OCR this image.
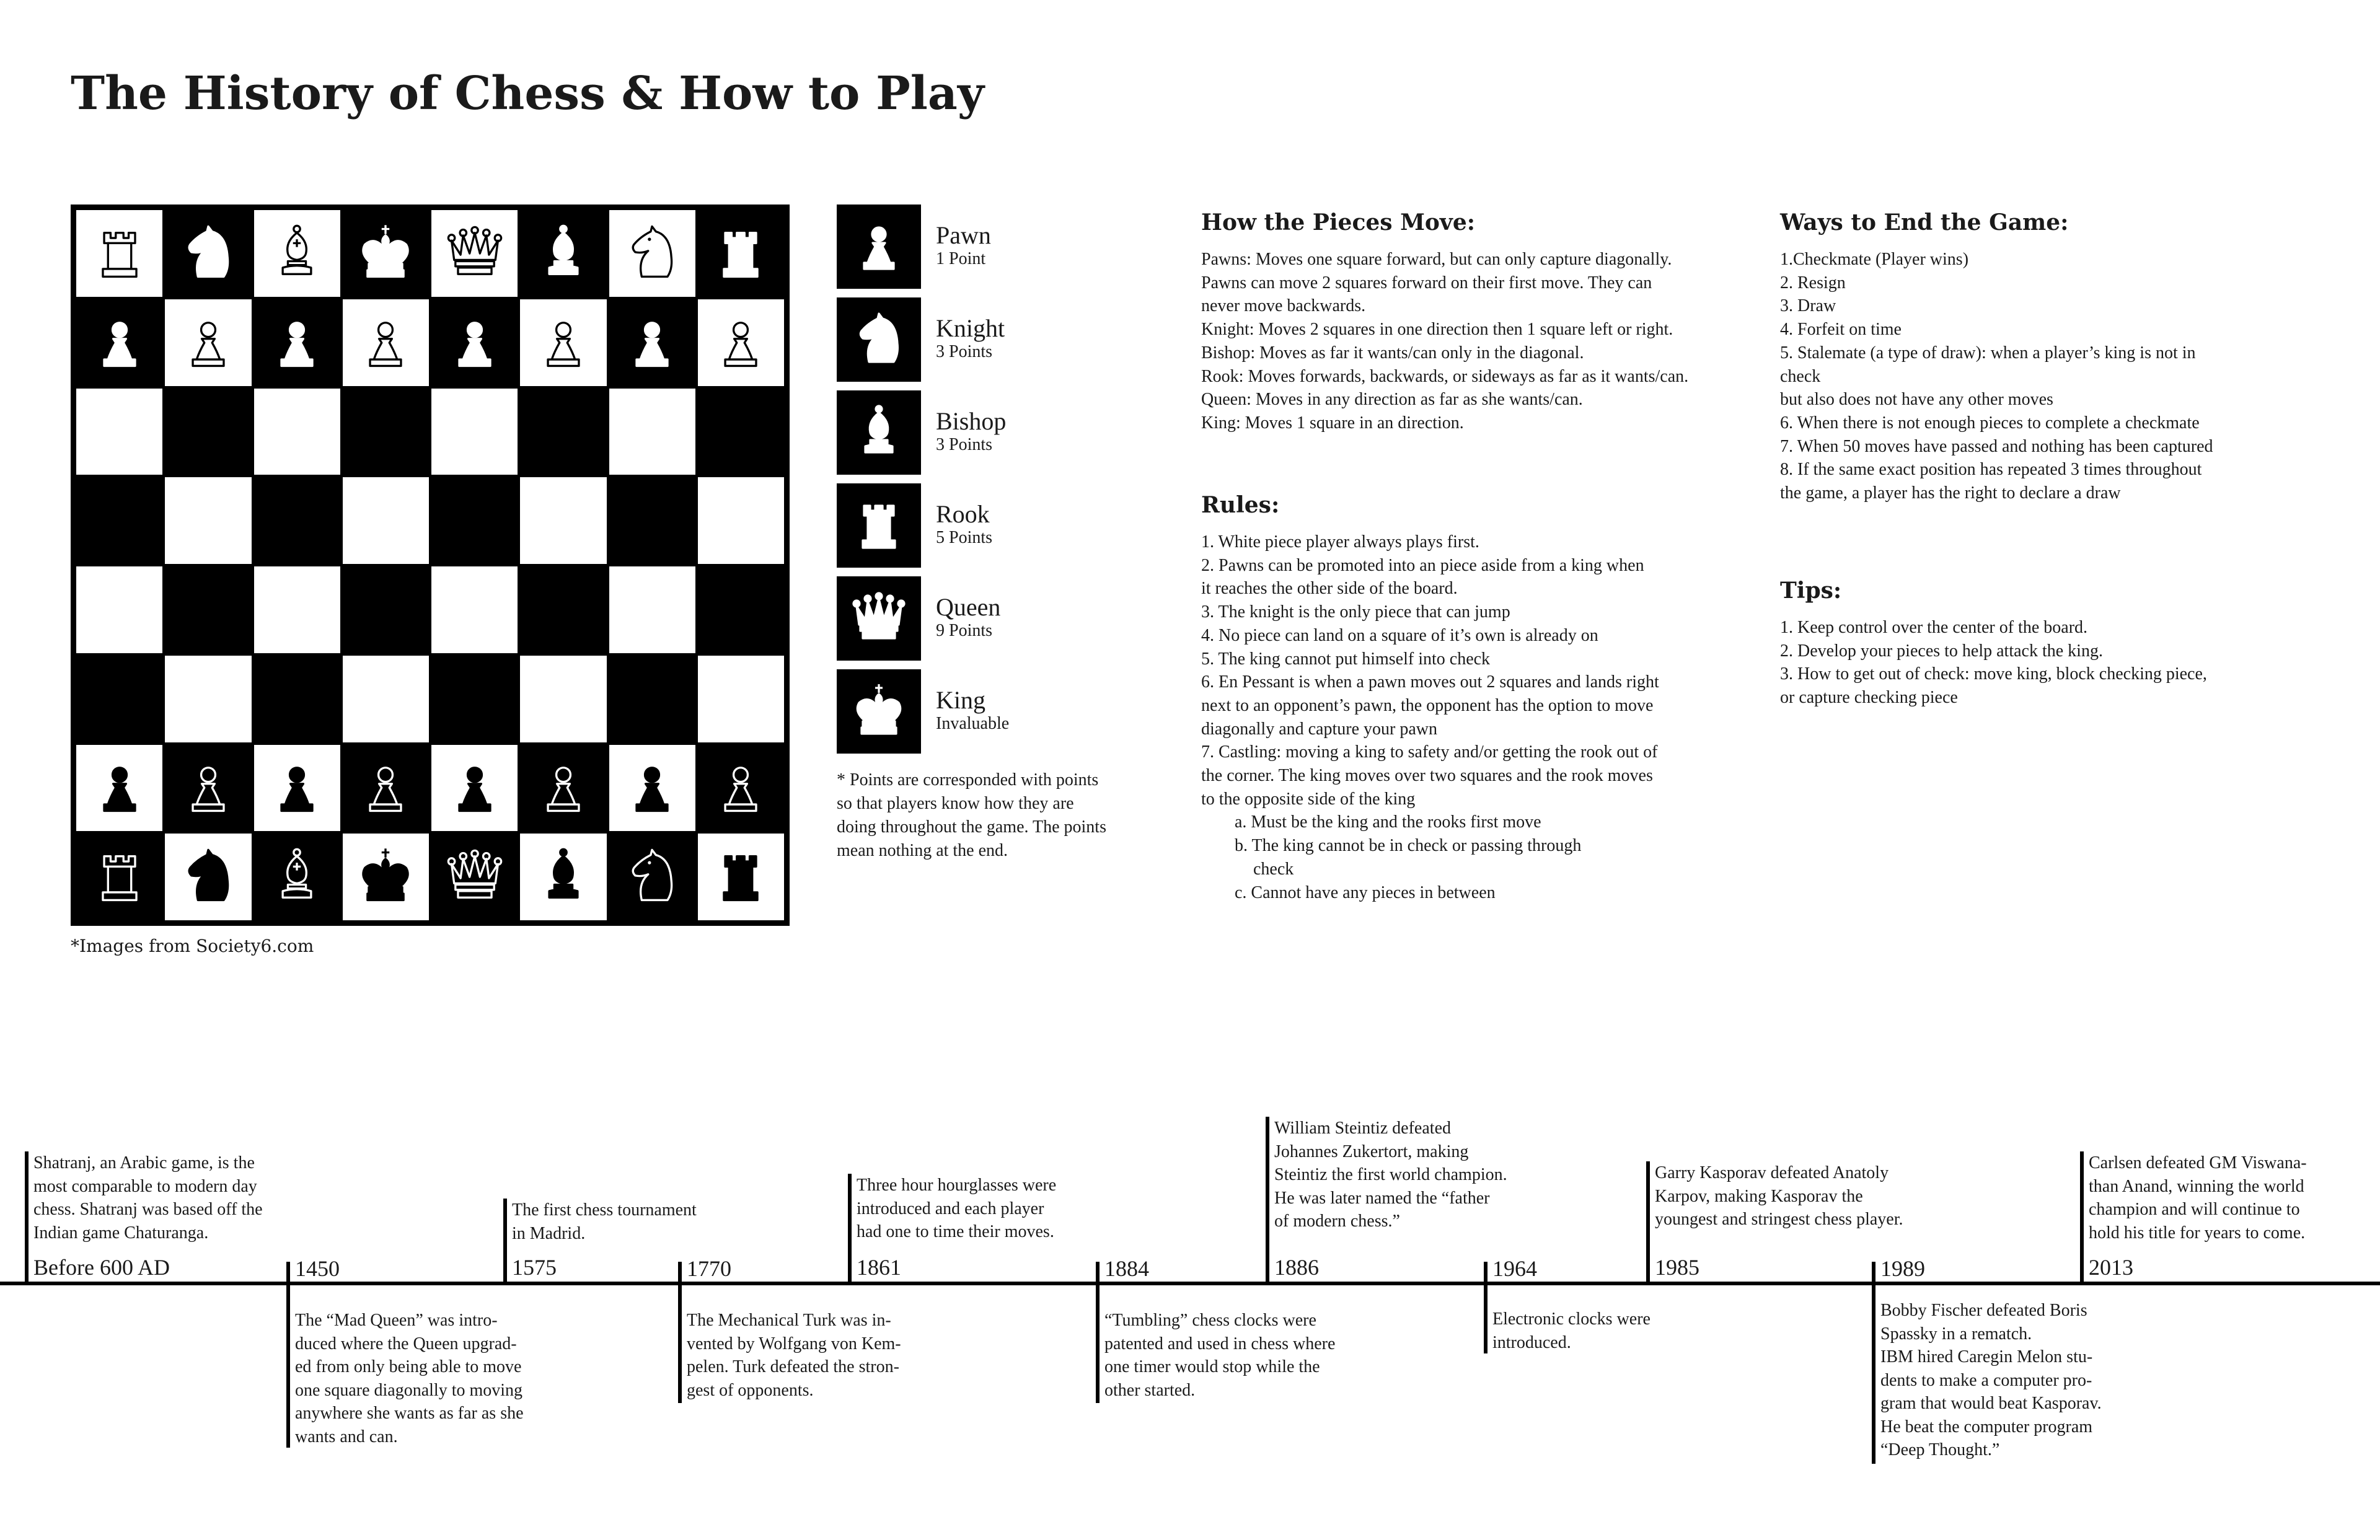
The History of Chess & How to Play
*Images from Society6.com
Pawn
1 Point
Knight
3 Points
Bishop
3 Points
Rook
5 Points
Queen
9 Points
King
Invaluable
* Points are corresponded with points so that players know how they are doing throughout the game. The points mean nothing at the end.
How the Pieces Move:
Pawns: Moves one square forward, but can only capture diagonally.
Pawns can move 2 squares forward on their first move. They can
never move backwards.
Knight: Moves 2 squares in one direction then 1 square left or right.
Bishop: Moves as far it wants/can only in the diagonal.
Rook: Moves forwards, backwards, or sideways as far as it wants/can.
Queen: Moves in any direction as far as she wants/can.
King: Moves 1 square in an direction.
Rules:
1. White piece player always plays first.
2. Pawns can be promoted into an piece aside from a king when
it reaches the other side of the board.
3. The knight is the only piece that can jump
4. No piece can land on a square of it’s own is already on
5. The king cannot put himself into check
6. En Pessant is when a pawn moves out 2 squares and lands right
next to an opponent’s pawn, the opponent has the option to move
diagonally and capture your pawn
7. Castling: moving a king to safety and/or getting the rook out of
the corner. The king moves over two squares and the rook moves
to the opposite side of the king
a. Must be the king and the rooks first move
b. The king cannot be in check or passing through
check
c. Cannot have any pieces in between
Ways to End the Game:
1.Checkmate (Player wins)
2. Resign
3. Draw
4. Forfeit on time
5. Stalemate (a type of draw): when a player’s king is not in
check
but also does not have any other moves
6. When there is not enough pieces to complete a checkmate
7. When 50 moves have passed and nothing has been captured
8. If the same exact position has repeated 3 times throughout
the game, a player has the right to declare a draw
Tips:
1. Keep control over the center of the board.
2. Develop your pieces to help attack the king.
3. How to get out of check: move king, block checking piece,
or capture checking piece
Before 600 AD
Shatranj, an Arabic game, is the
most comparable to modern day
chess. Shatranj was based off the
Indian game Chaturanga.
1450
The “Mad Queen” was intro-
duced where the Queen upgrad-
ed from only being able to move
one square diagonally to moving
anywhere she wants as far as she
wants and can.
1575
The first chess tournament
in Madrid.
1770
The Mechanical Turk was in-
vented by Wolfgang von Kem-
pelen. Turk defeated the stron-
gest of opponents.
1861
Three hour hourglasses were
introduced and each player
had one to time their moves.
1884
“Tumbling” chess clocks were
patented and used in chess where
one timer would stop while the
other started.
1886
William Steintiz defeated
Johannes Zukertort, making
Steintiz the first world champion.
He was later named the “father
of modern chess.”
1964
Electronic clocks were
introduced.
1985
Garry Kasporav defeated Anatoly
Karpov, making Kasporav the
youngest and stringest chess player.
1989
Bobby Fischer defeated Boris
Spassky in a rematch.
IBM hired Caregin Melon stu-
dents to make a computer pro-
gram that would beat Kasporav.
He beat the computer program
“Deep Thought.”
2013
Carlsen defeated GM Viswana-
than Anand, winning the world
champion and will continue to
hold his title for years to come.
